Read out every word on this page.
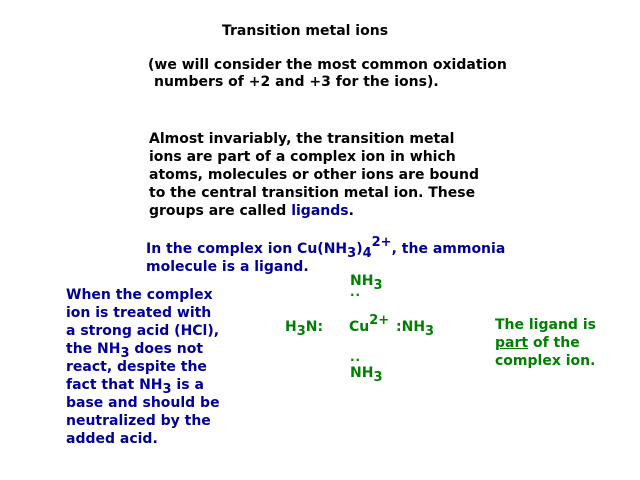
Transition metal ions
(we will consider the most common oxidation
numbers of +2 and +3 for the ions).
Almost invariably, the transition metal
ions are part of a complex ion in which
atoms, molecules or other ions are bound
to the central transition metal ion. These
groups are called ligands.
In the complex ion Cu(NH3)42+, the ammonia
molecule is a ligand.
When the complex
ion is treated with
a strong acid (HCl),
the NH3 does not
react, despite the
fact that NH3 is a
base and should be
neutralized by the
added acid.
NH3
..
H3N: Cu2+ :NH3
..
NH3
The ligand is
part of the
complex ion.
